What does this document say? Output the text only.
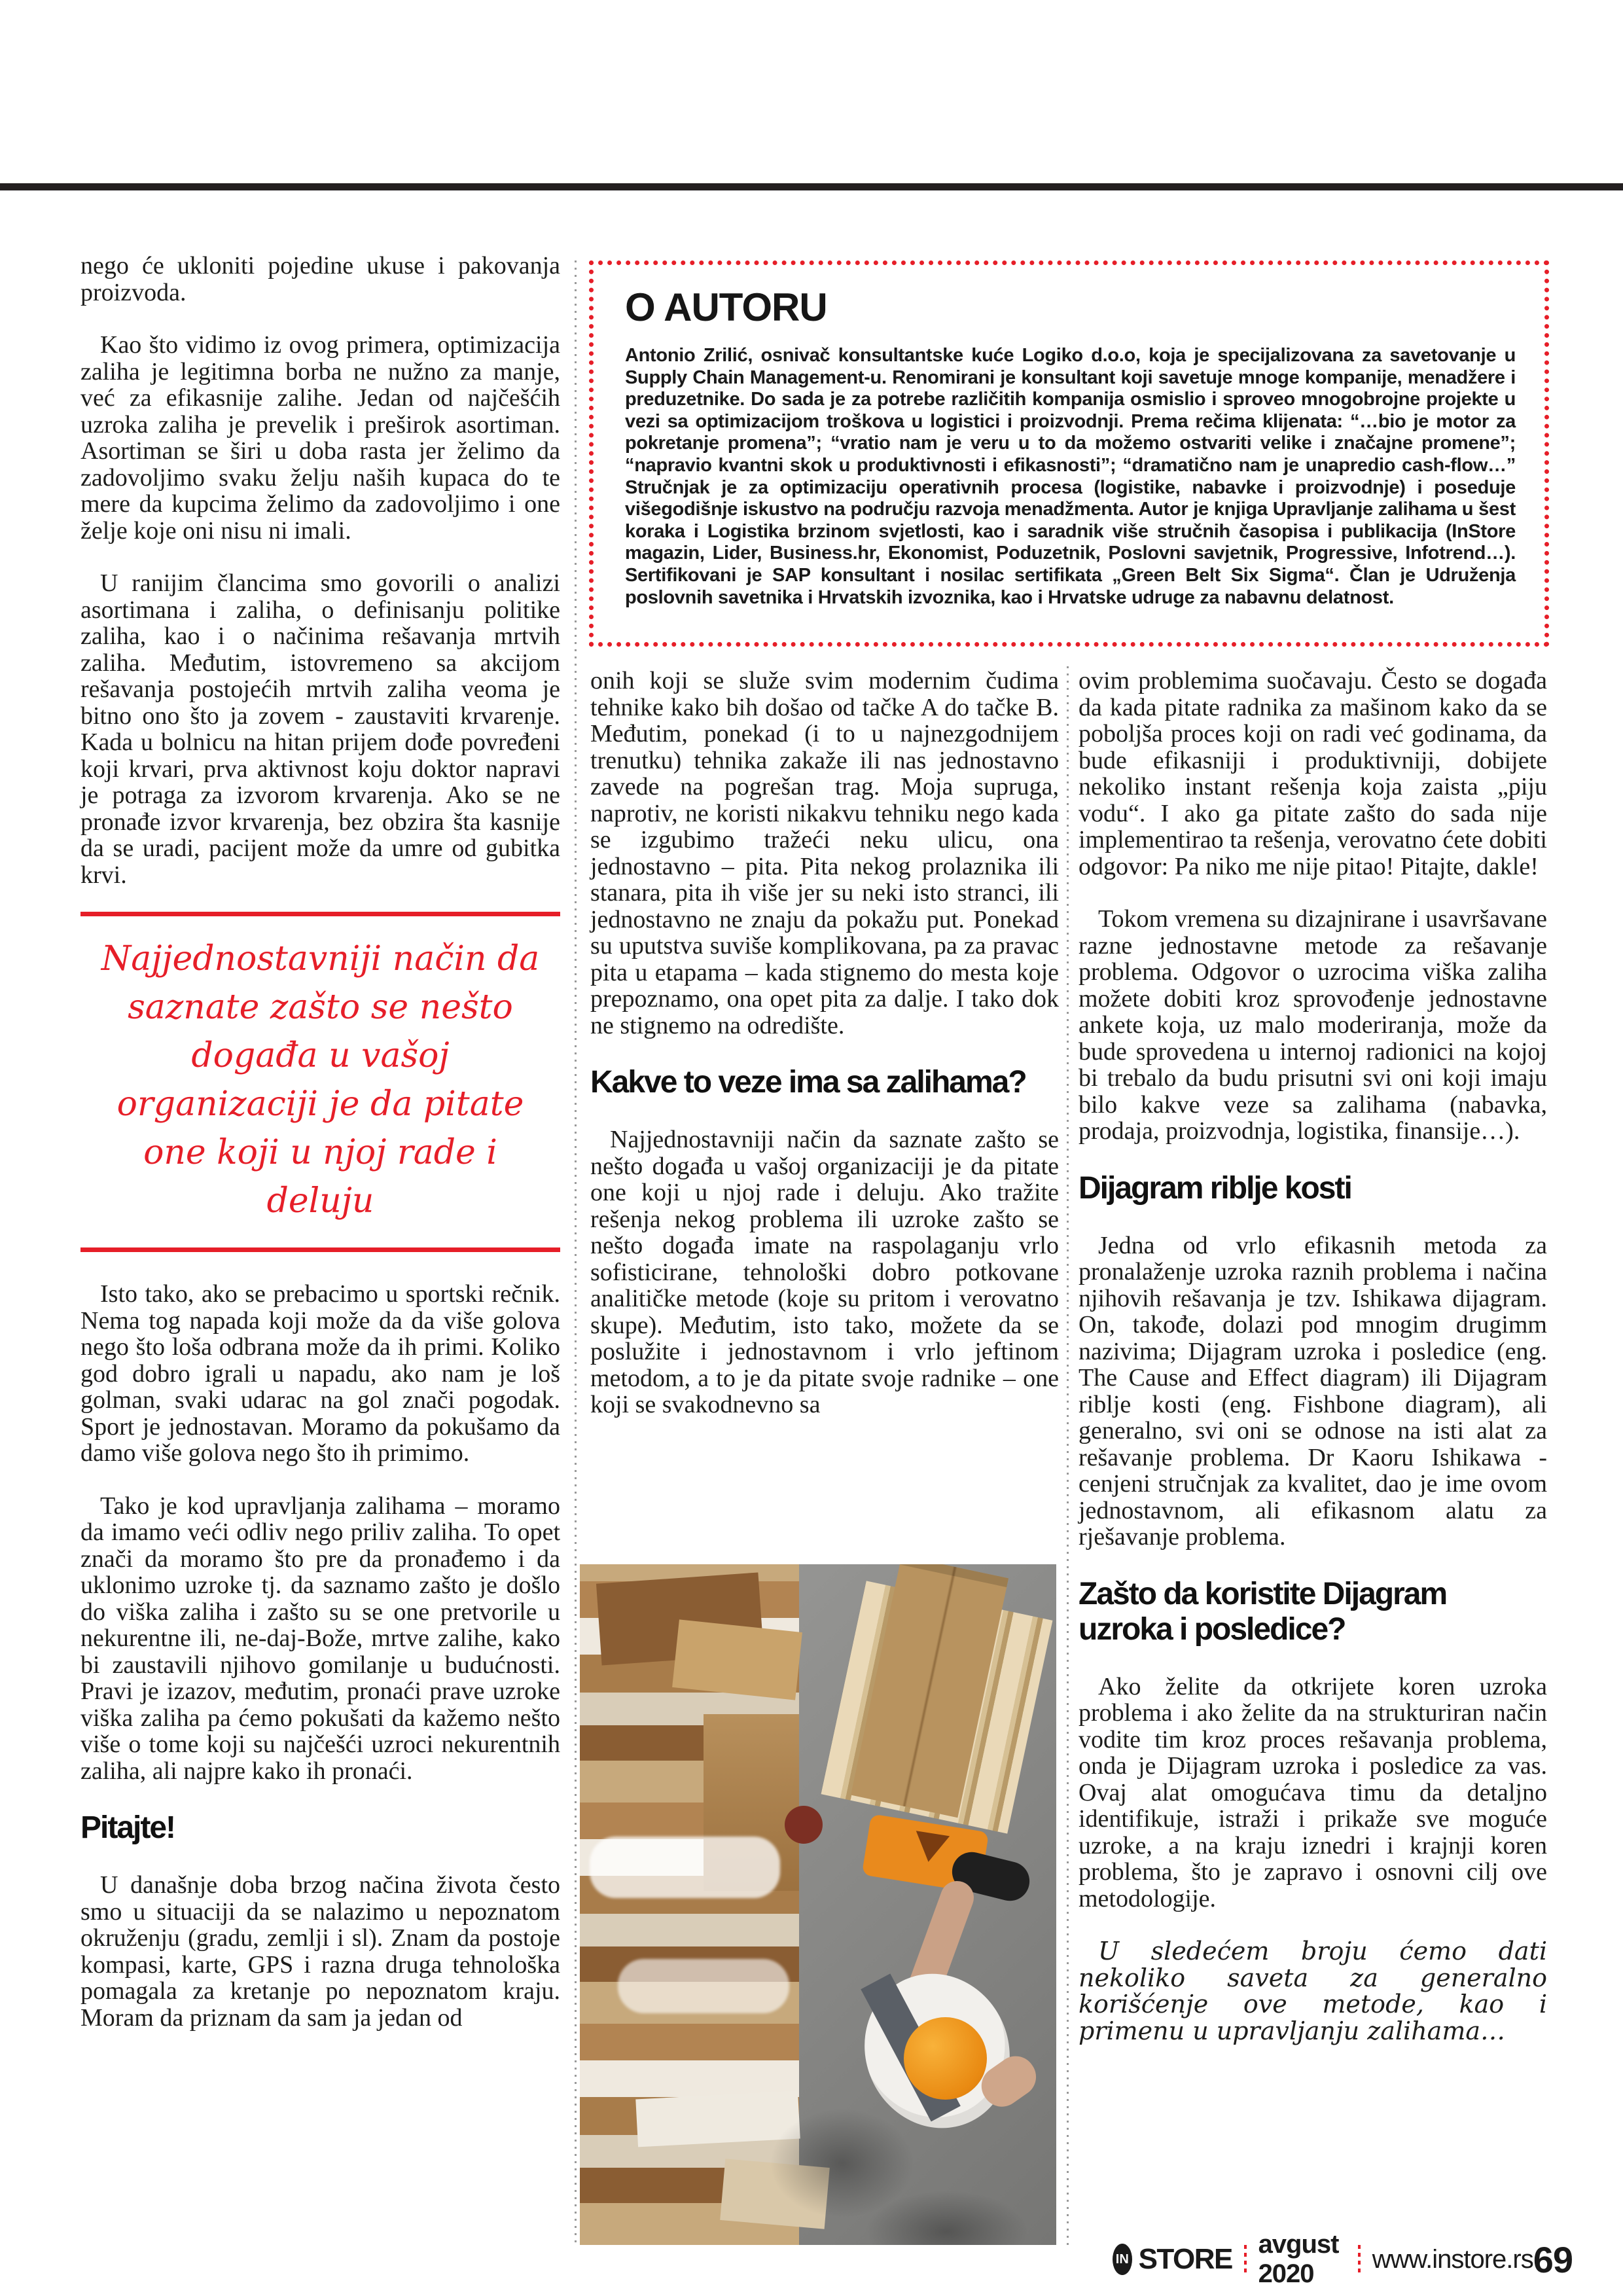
O AUTORU

Antonio Zrilić, osnivač konsultantske kuće Logiko d.o.o, koja je specijalizovana za savetovanje u Supply Chain Management-u. Renomirani je konsultant koji savetuje mnoge kompanije, menadžere i preduzetnike. Do sada je za potrebe različitih kompanija osmislio i sproveo mnogobrojne projekte u vezi sa optimizacijom troškova u logistici i proizvodnji. Prema rečima klijenata: “…bio je motor za pokretanje promena”; “vratio nam je veru u to da možemo ostvariti velike i značajne promene”; “napravio kvantni skok u produktivnosti i efikasnosti”; “dramatično nam je unapredio cash-flow…” Stručnjak je za optimizaciju operativnih procesa (logistike, nabavke i proizvodnje) i poseduje višegodišnje iskustvo na području razvoja menadžmenta. Autor je knjiga Upravljanje zalihama u šest koraka i Logistika brzinom svjetlosti, kao i saradnik više stručnih časopisa i publikacija (InStore magazin, Lider, Business.hr, Ekonomist, Poduzetnik, Poslovni savjetnik, Progressive, Infotrend…). Sertifikovani je SAP konsultant i nosilac sertifikata „Green Belt Six Sigma“. Član je Udruženja poslovnih savetnika i Hrvatskih izvoznika, kao i Hrvatske udruge za nabavnu delatnost.

nego će ukloniti pojedine ukuse i pakovanja proizvoda.

Kao što vidimo iz ovog primera, optimizacija zaliha je legitimna borba ne nužno za manje, već za efikasnije zalihe. Jedan od najčešćih uzroka zaliha je prevelik i preširok asortiman. Asortiman se širi u doba rasta jer želimo da zadovoljimo svaku želju naših kupaca do te mere da kupcima želimo da zadovoljimo i one želje koje oni nisu ni imali.

U ranijim člancima smo govorili o analizi asortimana i zaliha, o definisanju politike zaliha, kao i o načinima rešavanja mrtvih zaliha. Međutim, istovremeno sa akcijom rešavanja postojećih mrtvih zaliha veoma je bitno ono što ja zovem - zaustaviti krvarenje. Kada u bolnicu na hitan prijem dođe povređeni koji krvari, prva aktivnost koju doktor napravi je potraga za izvorom krvarenja. Ako se ne pronađe izvor krvarenja, bez obzira šta kasnije da se uradi, pacijent može da umre od gubitka krvi.

Najjednostavniji način da saznate zašto se nešto događa u vašoj organizaciji je da pitate one koji u njoj rade i deluju

Isto tako, ako se prebacimo u sportski rečnik. Nema tog napada koji može da da više golova nego što loša odbrana može da ih primi. Koliko god dobro igrali u napadu, ako nam je loš golman, svaki udarac na gol znači pogodak. Sport je jednostavan. Moramo da pokušamo da damo više golova nego što ih primimo.

Tako je kod upravljanja zalihama – moramo da imamo veći odliv nego priliv zaliha. To opet znači da moramo što pre da pronađemo i da uklonimo uzroke tj. da saznamo zašto je došlo do viška zaliha i zašto su se one pretvorile u nekurentne ili, ne-daj-Bože, mrtve zalihe, kako bi zaustavili njihovo gomilanje u budućnosti. Pravi je izazov, međutim, pronaći prave uzroke viška zaliha pa ćemo pokušati da kažemo nešto više o tome koji su najčešći uzroci nekurentnih zaliha, ali najpre kako ih pronaći.

Pitajte!

U današnje doba brzog načina života često smo u situaciji da se nalazimo u nepoznatom okruženju (gradu, zemlji i sl). Znam da postoje kompasi, karte, GPS i razna druga tehnološka pomagala za kretanje po nepoznatom kraju. Moram da priznam da sam ja jedan od

onih koji se služe svim modernim čudima tehnike kako bih došao od tačke A do tačke B. Međutim, ponekad (i to u najnezgodnijem trenutku) tehnika zakaže ili nas jednostavno zavede na pogrešan trag. Moja supruga, naprotiv, ne koristi nikakvu tehniku nego kada se izgubimo tražeći neku ulicu, ona jednostavno – pita. Pita nekog prolaznika ili stanara, pita ih više jer su neki isto stranci, ili jednostavno ne znaju da pokažu put. Ponekad su uputstva suviše komplikovana, pa za pravac pita u etapama – kada stignemo do mesta koje prepoznamo, ona opet pita za dalje. I tako dok ne stignemo na odredište.

Kakve to veze ima sa zalihama?

Najjednostavniji način da saznate zašto se nešto događa u vašoj organizaciji je da pitate one koji u njoj rade i deluju. Ako tražite rešenja nekog problema ili uzroke zašto se nešto događa imate na raspolaganju vrlo sofisticirane, tehnološki dobro potkovane analitičke metode (koje su pritom i verovatno skupe). Međutim, isto tako, možete da se poslužite i jednostavnom i vrlo jeftinom metodom, a to je da pitate svoje radnike – one koji se svakodnevno sa

ovim problemima suočavaju. Često se događa da kada pitate radnika za mašinom kako da se poboljša proces koji on radi već godinama, da bude efikasniji i produktivniji, dobijete nekoliko instant rešenja koja zaista „piju vodu“. I ako ga pitate zašto do sada nije implementirao ta rešenja, verovatno ćete dobiti odgovor: Pa niko me nije pitao! Pitajte, dakle!

Tokom vremena su dizajnirane i usavršavane razne jednostavne metode za rešavanje problema. Odgovor o uzrocima viška zaliha možete dobiti kroz sprovođenje jednostavne ankete koja, uz malo moderiranja, može da bude sprovedena u internoj radionici na kojoj bi trebalo da budu prisutni svi oni koji imaju bilo kakve veze sa zalihama (nabavka, prodaja, proizvodnja, logistika, finansije…).

Dijagram riblje kosti

Jedna od vrlo efikasnih metoda za pronalaženje uzroka raznih problema i načina njihovih rešavanja je tzv. Ishikawa dijagram. On, takođe, dolazi pod mnogim drugimm nazivima; Dijagram uzroka i posledice (eng. The Cause and Effect diagram) ili Dijagram riblje kosti (eng. Fishbone diagram), ali generalno, svi oni se odnose na isti alat za rešavanje problema. Dr Kaoru Ishikawa - cenjeni stručnjak za kvalitet, dao je ime ovom jednostavnom, ali efikasnom alatu za rješavanje problema.

Zašto da koristite Dijagram uzroka i posledice?

Ako želite da otkrijete koren uzroka problema i ako želite da na strukturiran način vodite tim kroz proces rešavanja problema, onda je Dijagram uzroka i posledice za vas. Ovaj alat omogućava timu da detaljno identifikuje, istraži i prikaže sve moguće uzroke, a na kraju iznedri i krajnji koren problema, što je zapravo i osnovni cilj ove metodologije.

U sledećem broju ćemo dati nekoliko saveta za generalno korišćenje ove metode, kao i primenu u upravljanju zalihama…

IN STORE avgust 2020
www.instore.rs 69
